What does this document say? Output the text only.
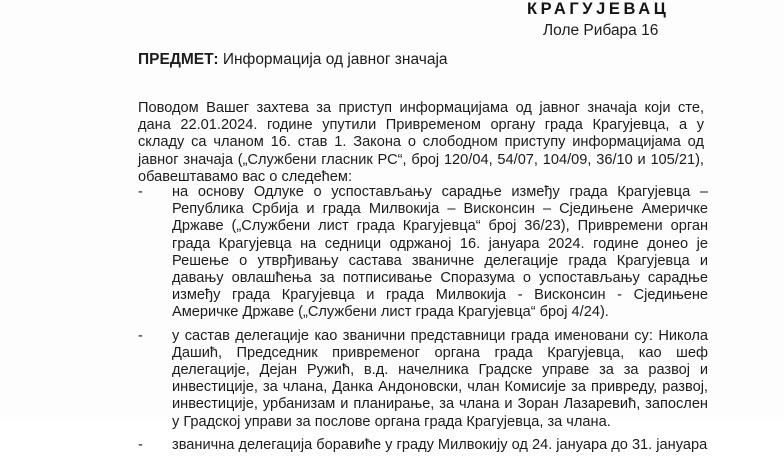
КРАГУЈЕВАЦ
Лоле Рибара 16
ПРЕДМЕТ: Информација од јавног значаја
Поводом Вашег захтева за приступ информацијама од јавног значаја који сте, дана 22.01.2024. године упутили Привременом органу града Крагујевца, а у складу са чланом 16. став 1. Закона о слободном приступу информацијама од јавног значаја („Службени гласник РС“, број 120/04, 54/07, 104/09, 36/10 и 105/21), обавештавамо вас о следећем:
-	на основу Одлуке о успостављању сарадње између града Крагујевца – Република Србија и града Милвокија – Висконсин – Сједињене Америчке Државе („Службени лист града Крагујевца“ број 36/23), Привремени орган града Крагујевца на седници одржаној 16. јануара 2024. године донео је Решење о утврђивању састава званичне делегације града Крагујевца и давању овлашћења за потписивање Споразума о успостављању сарадње између града Крагујевца и града Милвокија - Висконсин - Сједињене Америчке Државе („Службени лист града Крагујевца“ број 4/24).
-	у састав делегације као званични представници града именовани су: Никола Дашић, Председник привременог органа града Крагујевца, као шеф делегације, Дејан Ружић, в.д. начелника Градске управе за за развој и инвестиције, за члана, Данка Андоновски, члан Комисије за привреду, развој, инвестиције, урбанизам и планирање, за члана и Зоран Лазаревић, запослен у Градској управи за послове органа града Крагујевца, за члана.
-	званична делегација боравиће у граду Милвокију од 24. јануара до 31. јануара
